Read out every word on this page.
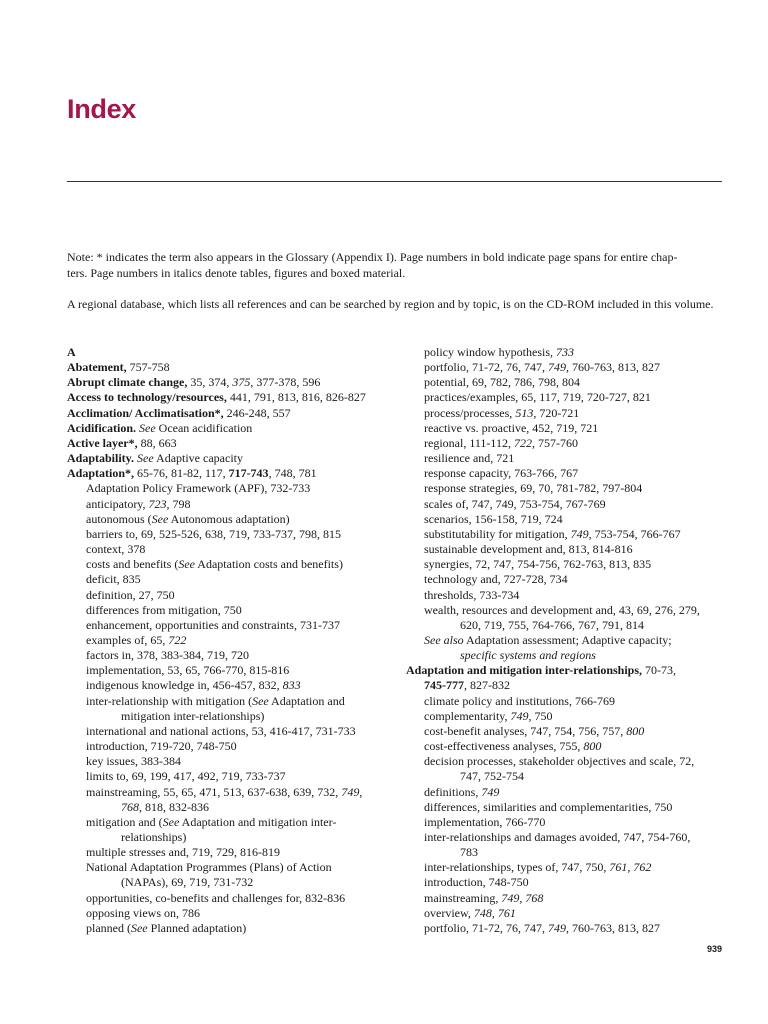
Index

Note: * indicates the term also appears in the Glossary (Appendix I). Page numbers in bold indicate page spans for entire chap-
ters. Page numbers in italics denote tables, figures and boxed material.

A regional database, which lists all references and can be searched by region and by topic, is on the CD-ROM included in this volume.

A
Abatement, 757-758
Abrupt climate change, 35, 374, 375, 377-378, 596
Access to technology/resources, 441, 791, 813, 816, 826-827
Acclimation/ Acclimatisation*, 246-248, 557
Acidification. See Ocean acidification
Active layer*, 88, 663
Adaptability. See Adaptive capacity
Adaptation*, 65-76, 81-82, 117, 717-743, 748, 781
Adaptation Policy Framework (APF), 732-733
anticipatory, 723, 798
autonomous (See Autonomous adaptation)
barriers to, 69, 525-526, 638, 719, 733-737, 798, 815
context, 378
costs and benefits (See Adaptation costs and benefits)
deficit, 835
definition, 27, 750
differences from mitigation, 750
enhancement, opportunities and constraints, 731-737
examples of, 65, 722
factors in, 378, 383-384, 719, 720
implementation, 53, 65, 766-770, 815-816
indigenous knowledge in, 456-457, 832, 833
inter-relationship with mitigation (See Adaptation and
mitigation inter-relationships)
international and national actions, 53, 416-417, 731-733
introduction, 719-720, 748-750
key issues, 383-384
limits to, 69, 199, 417, 492, 719, 733-737
mainstreaming, 55, 65, 471, 513, 637-638, 639, 732, 749,
768, 818, 832-836
mitigation and (See Adaptation and mitigation inter-
relationships)
multiple stresses and, 719, 729, 816-819
National Adaptation Programmes (Plans) of Action
(NAPAs), 69, 719, 731-732
opportunities, co-benefits and challenges for, 832-836
opposing views on, 786
planned (See Planned adaptation)
policy window hypothesis, 733
portfolio, 71-72, 76, 747, 749, 760-763, 813, 827
potential, 69, 782, 786, 798, 804
practices/examples, 65, 117, 719, 720-727, 821
process/processes, 513, 720-721
reactive vs. proactive, 452, 719, 721
regional, 111-112, 722, 757-760
resilience and, 721
response capacity, 763-766, 767
response strategies, 69, 70, 781-782, 797-804
scales of, 747, 749, 753-754, 767-769
scenarios, 156-158, 719, 724
substitutability for mitigation, 749, 753-754, 766-767
sustainable development and, 813, 814-816
synergies, 72, 747, 754-756, 762-763, 813, 835
technology and, 727-728, 734
thresholds, 733-734
wealth, resources and development and, 43, 69, 276, 279,
620, 719, 755, 764-766, 767, 791, 814
See also Adaptation assessment; Adaptive capacity;
specific systems and regions
Adaptation and mitigation inter-relationships, 70-73,
745-777, 827-832
climate policy and institutions, 766-769
complementarity, 749, 750
cost-benefit analyses, 747, 754, 756, 757, 800
cost-effectiveness analyses, 755, 800
decision processes, stakeholder objectives and scale, 72,
747, 752-754
definitions, 749
differences, similarities and complementarities, 750
implementation, 766-770
inter-relationships and damages avoided, 747, 754-760,
783
inter-relationships, types of, 747, 750, 761, 762
introduction, 748-750
mainstreaming, 749, 768
overview, 748, 761
portfolio, 71-72, 76, 747, 749, 760-763, 813, 827
939
